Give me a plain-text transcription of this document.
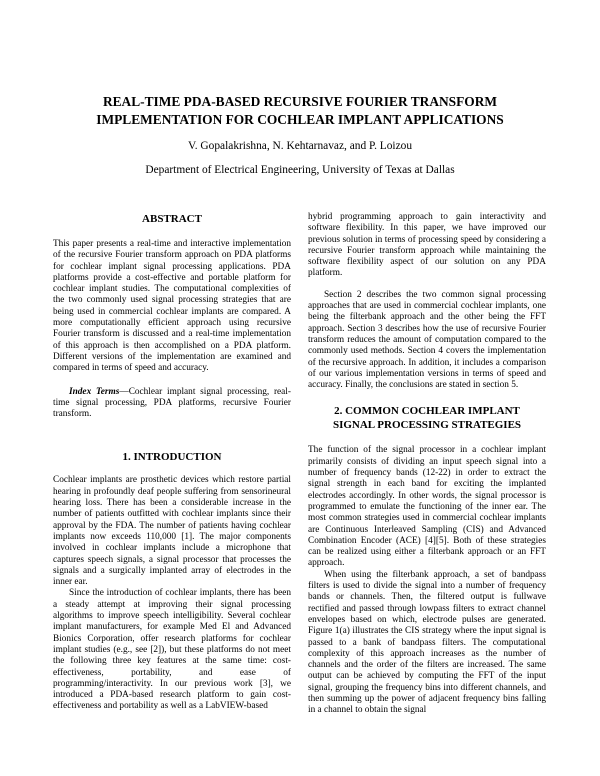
REAL-TIME PDA-BASED RECURSIVE FOURIER TRANSFORM
IMPLEMENTATION FOR COCHLEAR IMPLANT APPLICATIONS

V. Gopalakrishna, N. Kehtarnavaz, and P. Loizou

Department of Electrical Engineering, University of Texas at Dallas

ABSTRACT

This paper presents a real-time and interactive implementation of the recursive Fourier transform approach on PDA platforms for cochlear implant signal processing applications. PDA platforms provide a cost-effective and portable platform for cochlear implant studies. The computational complexities of the two commonly used signal processing strategies that are being used in commercial cochlear implants are compared. A more computationally efficient approach using recursive Fourier transform is discussed and a real-time implementation of this approach is then accomplished on a PDA platform. Different versions of the implementation are examined and compared in terms of speed and accuracy.

Index Terms—Cochlear implant signal processing, real-time signal processing, PDA platforms, recursive Fourier transform.

1. INTRODUCTION

Cochlear implants are prosthetic devices which restore partial hearing in profoundly deaf people suffering from sensorineural hearing loss. There has been a considerable increase in the number of patients outfitted with cochlear implants since their approval by the FDA. The number of patients having cochlear implants now exceeds 110,000 [1]. The major components involved in cochlear implants include a microphone that captures speech signals, a signal processor that processes the signals and a surgically implanted array of electrodes in the inner ear.

Since the introduction of cochlear implants, there has been a steady attempt at improving their signal processing algorithms to improve speech intelligibility. Several cochlear implant manufacturers, for example Med El and Advanced Bionics Corporation, offer research platforms for cochlear implant studies (e.g., see [2]), but these platforms do not meet the following three key features at the same time: cost-effectiveness, portability, and ease of programming/interactivity. In our previous work [3], we introduced a PDA-based research platform to gain cost-effectiveness and portability as well as a LabVIEW-based

hybrid programming approach to gain interactivity and software flexibility. In this paper, we have improved our previous solution in terms of processing speed by considering a recursive Fourier transform approach while maintaining the software flexibility aspect of our solution on any PDA platform.

Section 2 describes the two common signal processing approaches that are used in commercial cochlear implants, one being the filterbank approach and the other being the FFT approach. Section 3 describes how the use of recursive Fourier transform reduces the amount of computation compared to the commonly used methods. Section 4 covers the implementation of the recursive approach. In addition, it includes a comparison of our various implementation versions in terms of speed and accuracy. Finally, the conclusions are stated in section 5.

2. COMMON COCHLEAR IMPLANT
SIGNAL PROCESSING STRATEGIES

The function of the signal processor in a cochlear implant primarily consists of dividing an input speech signal into a number of frequency bands (12-22) in order to extract the signal strength in each band for exciting the implanted electrodes accordingly. In other words, the signal processor is programmed to emulate the functioning of the inner ear. The most common strategies used in commercial cochlear implants are Continuous Interleaved Sampling (CIS) and Advanced Combination Encoder (ACE) [4][5]. Both of these strategies can be realized using either a filterbank approach or an FFT approach.

When using the filterbank approach, a set of bandpass filters is used to divide the signal into a number of frequency bands or channels. Then, the filtered output is fullwave rectified and passed through lowpass filters to extract channel envelopes based on which, electrode pulses are generated. Figure 1(a) illustrates the CIS strategy where the input signal is passed to a bank of bandpass filters. The computational complexity of this approach increases as the number of channels and the order of the filters are increased. The same output can be achieved by computing the FFT of the input signal, grouping the frequency bins into different channels, and then summing up the power of adjacent frequency bins falling in a channel to obtain the signal
